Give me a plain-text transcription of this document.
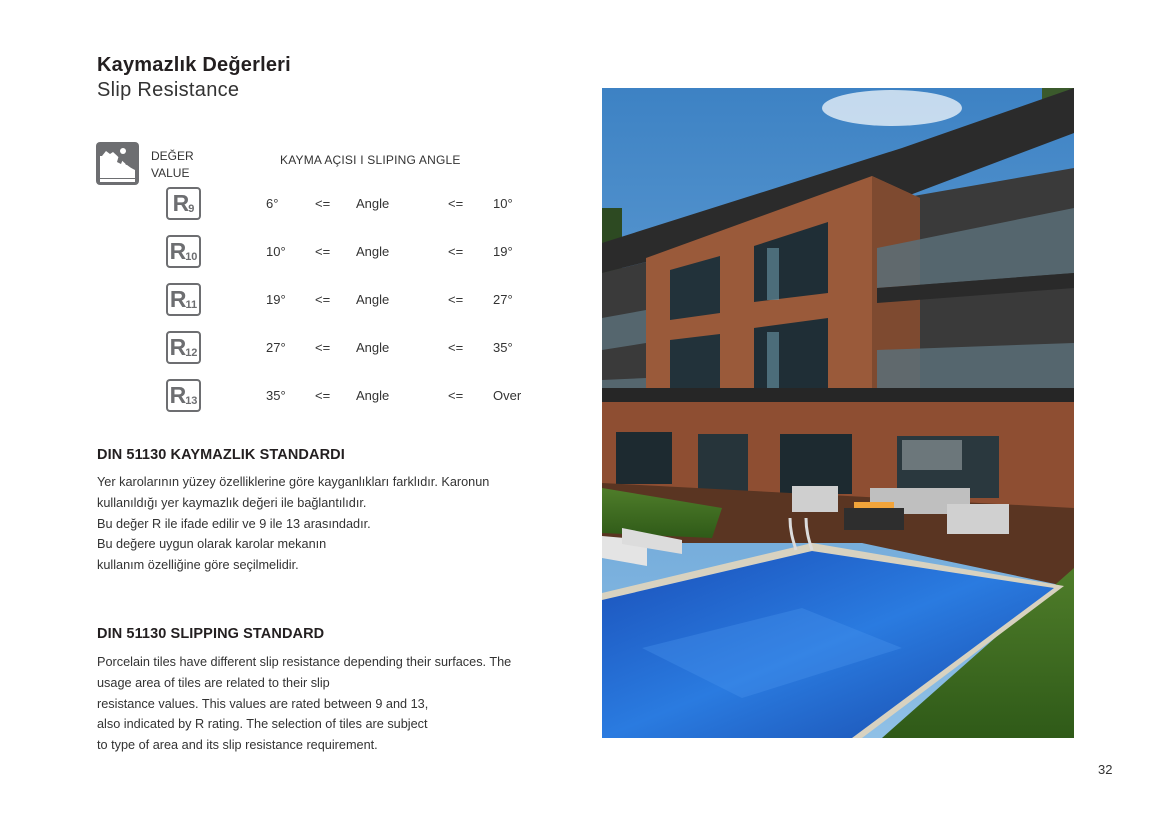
Kaymazlık Değerleri
Slip Resistance
DEĞER
VALUE
KAYMA AÇISI I SLIPING ANGLE
R 9	6°	<= Angle	<= 10°
R 10	10° <= Angle	<= 19°
R 11	19° <= Angle	<= 27°
R 12	27° <= Angle	<= 35°
R 13	35° <= Angle	<= Over
DIN 51130 KAYMAZLIK STANDARDI
Yer karolarının yüzey özelliklerine göre kayganlıkları farklıdır. Karonun
kullanıldığı yer kaymazlık değeri ile bağlantılıdır.
Bu değer R ile ifade edilir ve 9 ile 13 arasındadır.
Bu değere uygun olarak karolar mekanın
kullanım özelliğine göre seçilmelidir.
DIN 51130 SLIPPING STANDARD
Porcelain tiles have different slip resistance depending their surfaces. The
usage area of tiles are related to their slip
resistance values. This values are rated between 9 and 13,
also indicated by R rating. The selection of tiles are subject
to type of area and its slip resistance requirement.
32
